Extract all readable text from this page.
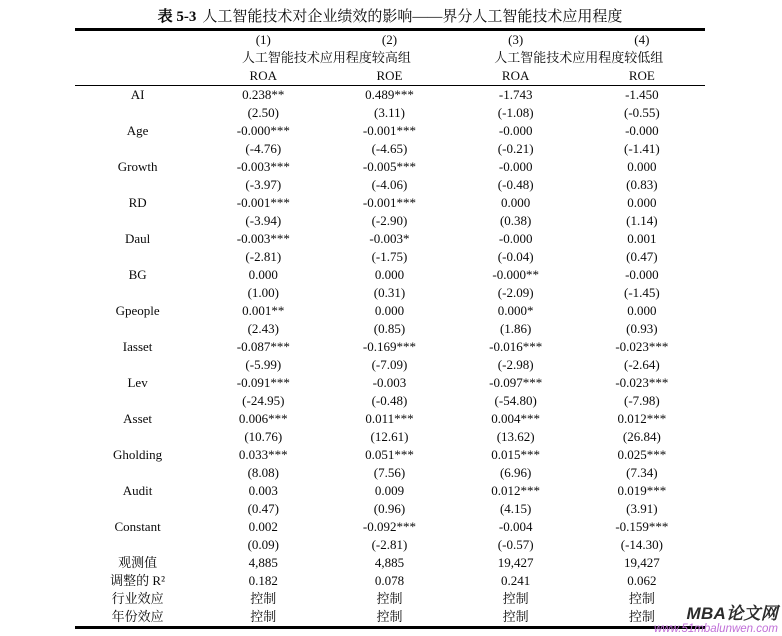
表 5-3 人工智能技术对企业绩效的影响——界分人工智能技术应用程度
	(1)	(2)	(3)	(4)
	人工智能技术应用程度较高组		人工智能技术应用程度较低组	
	ROA	ROE	ROA	ROE
AI	0.238**	0.489***	-1.743	-1.450
	(2.50)	(3.11)	(-1.08)	(-0.55)
Age	-0.000***	-0.001***	-0.000	-0.000
	(-4.76)	(-4.65)	(-0.21)	(-1.41)
Growth	-0.003***	-0.005***	-0.000	0.000
	(-3.97)	(-4.06)	(-0.48)	(0.83)
RD	-0.001***	-0.001***	0.000	0.000
	(-3.94)	(-2.90)	(0.38)	(1.14)
Daul	-0.003***	-0.003*	-0.000	0.001
	(-2.81)	(-1.75)	(-0.04)	(0.47)
BG	0.000	0.000	-0.000**	-0.000
	(1.00)	(0.31)	(-2.09)	(-1.45)
Gpeople	0.001**	0.000	0.000*	0.000
	(2.43)	(0.85)	(1.86)	(0.93)
Iasset	-0.087***	-0.169***	-0.016***	-0.023***
	(-5.99)	(-7.09)	(-2.98)	(-2.64)
Lev	-0.091***	-0.003	-0.097***	-0.023***
	(-24.95)	(-0.48)	(-54.80)	(-7.98)
Asset	0.006***	0.011***	0.004***	0.012***
	(10.76)	(12.61)	(13.62)	(26.84)
Gholding	0.033***	0.051***	0.015***	0.025***
	(8.08)	(7.56)	(6.96)	(7.34)
Audit	0.003	0.009	0.012***	0.019***
	(0.47)	(0.96)	(4.15)	(3.91)
Constant	0.002	-0.092***	-0.004	-0.159***
	(0.09)	(-2.81)	(-0.57)	(-14.30)
观测值	4,885	4,885	19,427	19,427
调整的 R²	0.182	0.078	0.241	0.062
行业效应	控制	控制	控制	控制
年份效应	控制	控制	控制	控制	MBA论文网
www.51mbalunwen.com
